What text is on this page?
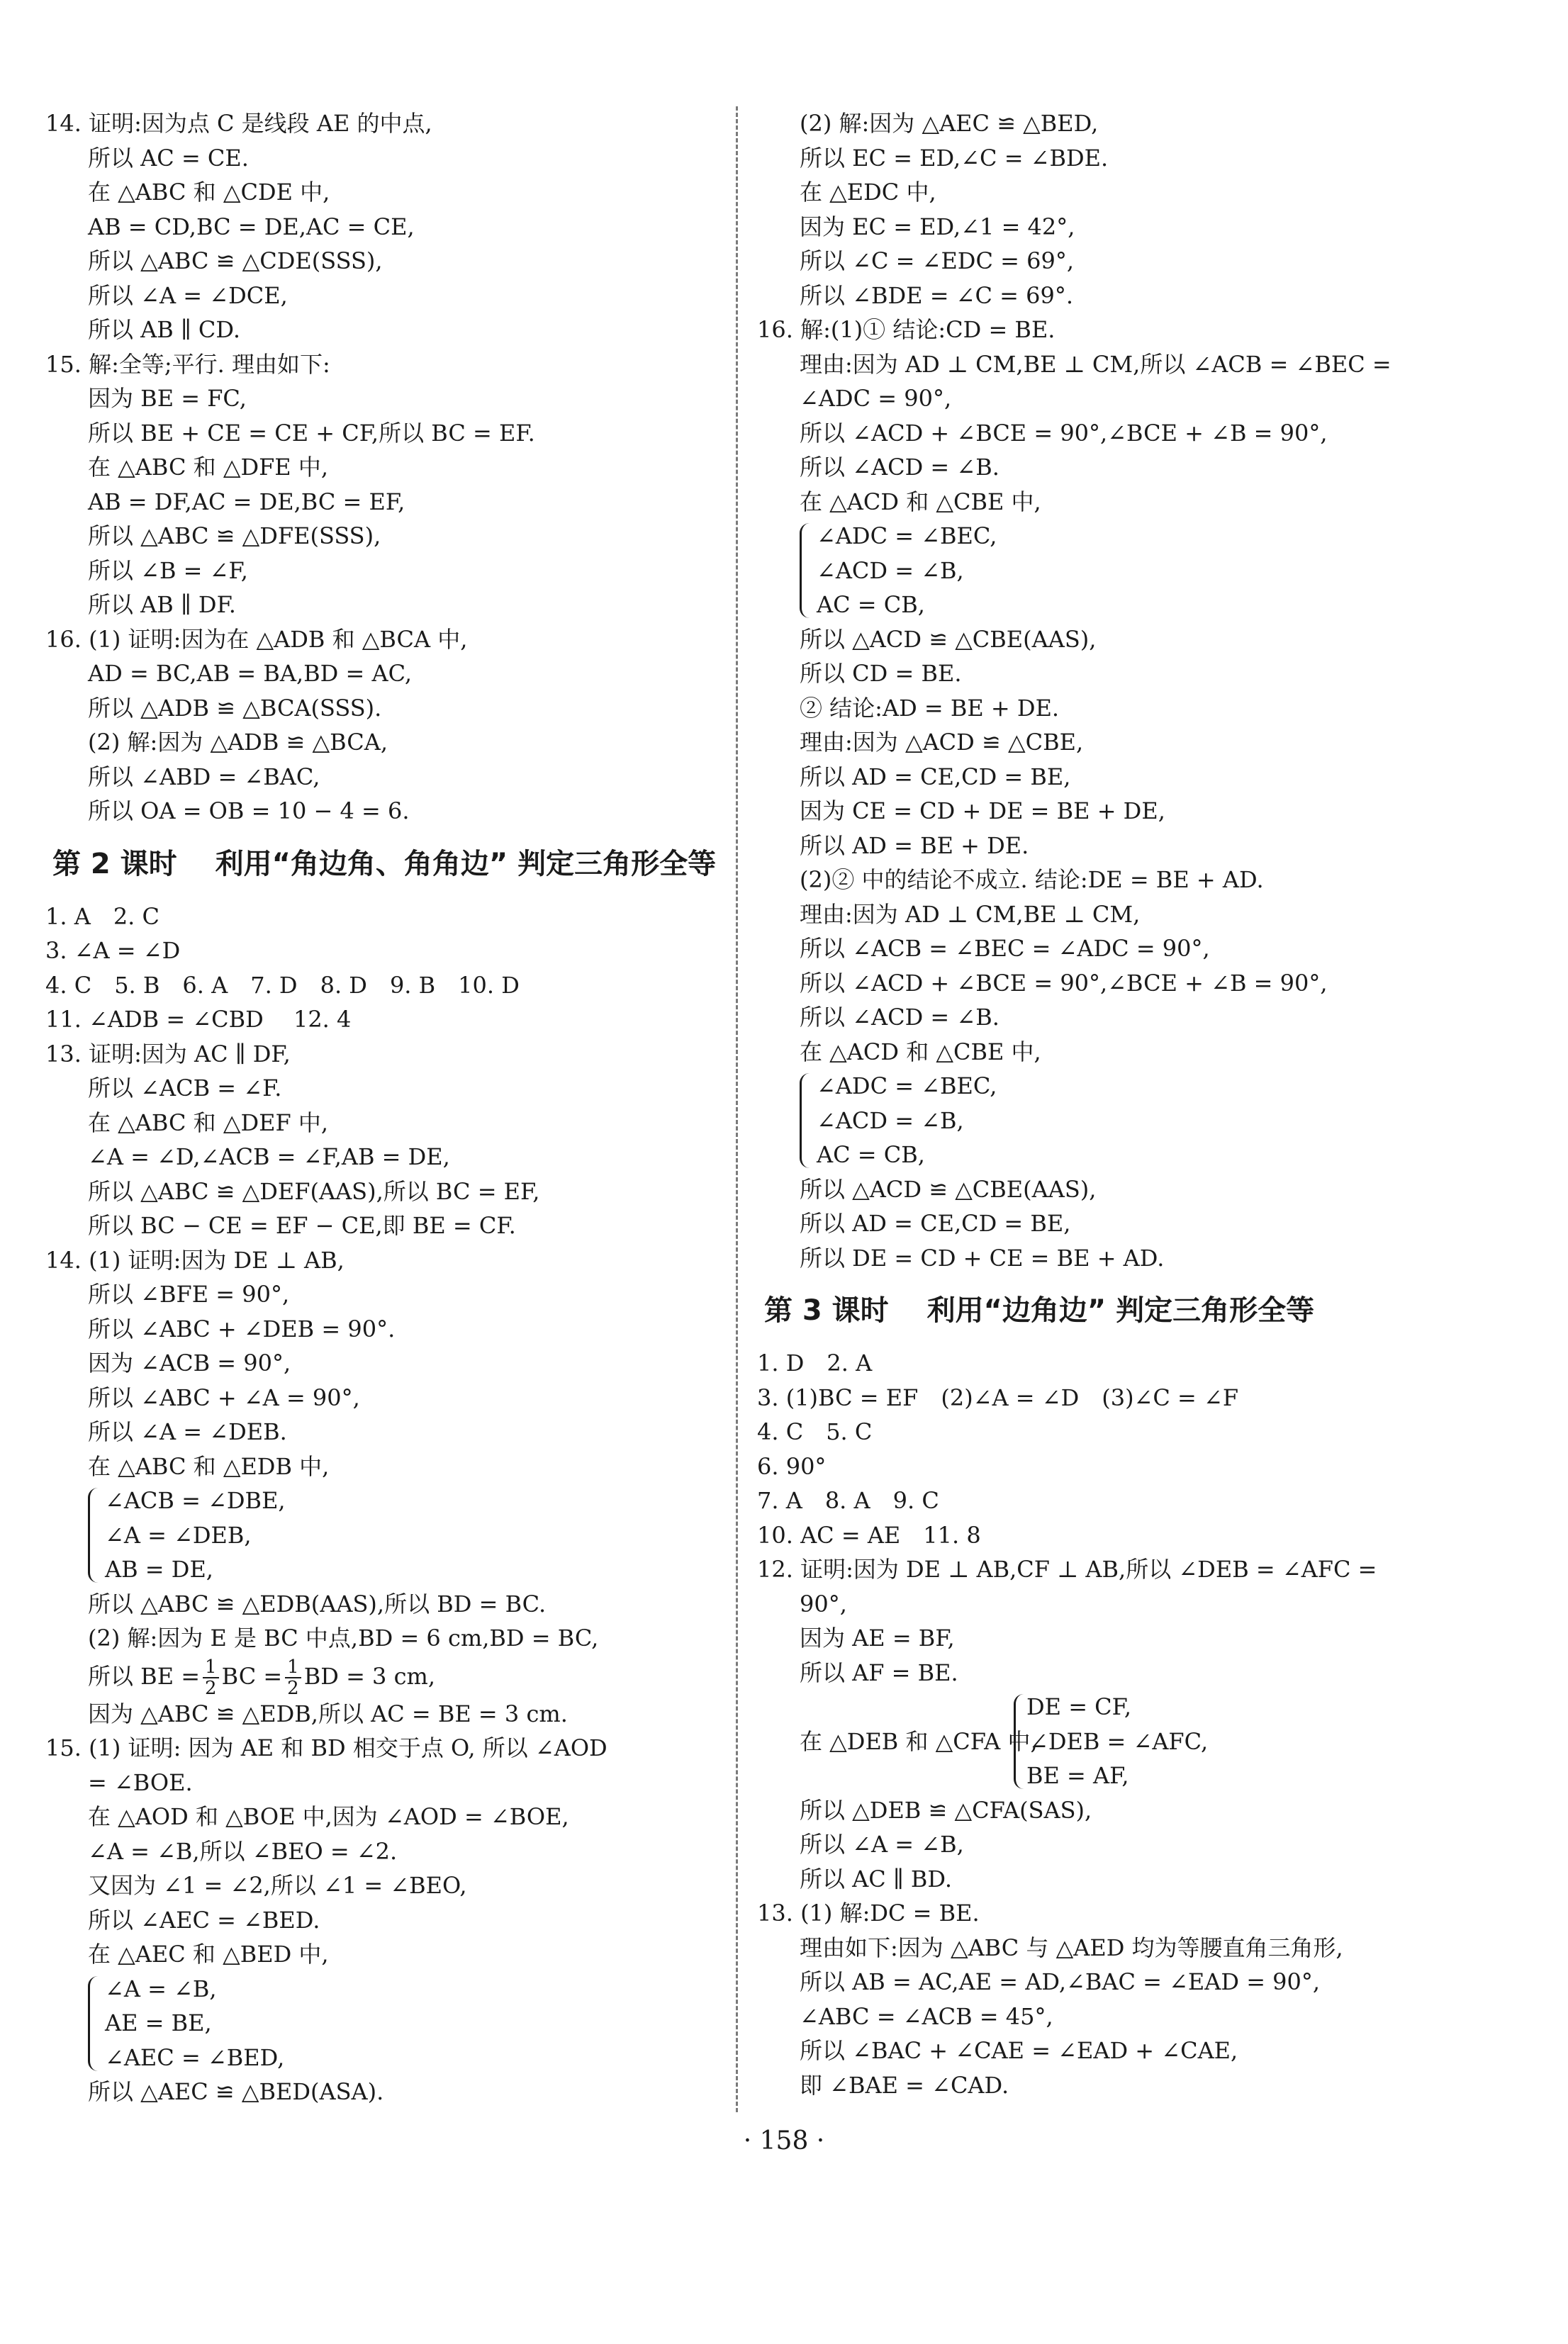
14. 证明:因为点 C 是线段 AE 的中点,
所以 AC = CE.
在 △ABC 和 △CDE 中,
AB = CD,BC = DE,AC = CE,
所以 △ABC ≌ △CDE(SSS),
所以 ∠A = ∠DCE,
所以 AB ∥ CD.
15. 解:全等;平行. 理由如下:
因为 BE = FC,
所以 BE + CE = CE + CF,所以 BC = EF.
在 △ABC 和 △DFE 中,
AB = DF,AC = DE,BC = EF,
所以 △ABC ≌ △DFE(SSS),
所以 ∠B = ∠F,
所以 AB ∥ DF.
16. (1) 证明:因为在 △ADB 和 △BCA 中,
AD = BC,AB = BA,BD = AC,
所以 △ADB ≌ △BCA(SSS).
(2) 解:因为 △ADB ≌ △BCA,
所以 ∠ABD = ∠BAC,
所以 OA = OB = 10 − 4 = 6.
第 2 课时　 利用“角边角、角角边” 判定三角形全等
1. A　2. C
3. ∠A = ∠D
4. C　5. B　6. A　7. D　8. D　9. B　10. D
11. ∠ADB = ∠CBD　 12. 4
13. 证明:因为 AC ∥ DF,
所以 ∠ACB = ∠F.
在 △ABC 和 △DEF 中,
∠A = ∠D,∠ACB = ∠F,AB = DE,
所以 △ABC ≌ △DEF(AAS),所以 BC = EF,
所以 BC − CE = EF − CE,即 BE = CF.
14. (1) 证明:因为 DE ⊥ AB,
所以 ∠BFE = 90°,
所以 ∠ABC + ∠DEB = 90°.
因为 ∠ACB = 90°,
所以 ∠ABC + ∠A = 90°,
所以 ∠A = ∠DEB.
在 △ABC 和 △EDB 中,
∠ACB = ∠DBE,
∠A = ∠DEB,
AB = DE,
所以 △ABC ≌ △EDB(AAS),所以 BD = BC.
(2) 解:因为 E 是 BC 中点,BD = 6 cm,BD = BC,
所以 BE = $\frac{1}{2}$ BC = $\frac{1}{2}$ BD = 3 cm,
因为 △ABC ≌ △EDB,所以 AC = BE = 3 cm.
15. (1) 证明: 因为 AE 和 BD 相交于点 O, 所以 ∠AOD
= ∠BOE.
在 △AOD 和 △BOE 中,因为 ∠AOD = ∠BOE,
∠A = ∠B,所以 ∠BEO = ∠2.
又因为 ∠1 = ∠2,所以 ∠1 = ∠BEO,
所以 ∠AEC = ∠BED.
在 △AEC 和 △BED 中,
∠A = ∠B,
AE = BE,
∠AEC = ∠BED,
所以 △AEC ≌ △BED(ASA).
(2) 解:因为 △AEC ≌ △BED,
所以 EC = ED,∠C = ∠BDE.
在 △EDC 中,
因为 EC = ED,∠1 = 42°,
所以 ∠C = ∠EDC = 69°,
所以 ∠BDE = ∠C = 69°.
16. 解:(1)① 结论:CD = BE.
理由:因为 AD ⊥ CM,BE ⊥ CM,所以 ∠ACB = ∠BEC =
∠ADC = 90°,
所以 ∠ACD + ∠BCE = 90°,∠BCE + ∠B = 90°,
所以 ∠ACD = ∠B.
在 △ACD 和 △CBE 中,
∠ADC = ∠BEC,
∠ACD = ∠B,
AC = CB,
所以 △ACD ≌ △CBE(AAS),
所以 CD = BE.
② 结论:AD = BE + DE.
理由:因为 △ACD ≌ △CBE,
所以 AD = CE,CD = BE,
因为 CE = CD + DE = BE + DE,
所以 AD = BE + DE.
(2)② 中的结论不成立. 结论:DE = BE + AD.
理由:因为 AD ⊥ CM,BE ⊥ CM,
所以 ∠ACB = ∠BEC = ∠ADC = 90°,
所以 ∠ACD + ∠BCE = 90°,∠BCE + ∠B = 90°,
所以 ∠ACD = ∠B.
在 △ACD 和 △CBE 中,
∠ADC = ∠BEC,
∠ACD = ∠B,
AC = CB,
所以 △ACD ≌ △CBE(AAS),
所以 AD = CE,CD = BE,
所以 DE = CD + CE = BE + AD.
第 3 课时　 利用“边角边” 判定三角形全等
1. D　2. A
3. (1)BC = EF　(2)∠A = ∠D　(3)∠C = ∠F
4. C　5. C
6. 90°
7. A　8. A　9. C
10. AC = AE　11. 8
12. 证明:因为 DE ⊥ AB,CF ⊥ AB,所以 ∠DEB = ∠AFC =
90°,
因为 AE = BF,
所以 AF = BE.
DE = CF,
在 △DEB 和 △CFA 中,
∠DEB = ∠AFC,
BE = AF,
所以 △DEB ≌ △CFA(SAS),
所以 ∠A = ∠B,
所以 AC ∥ BD.
13. (1) 解:DC = BE.
理由如下:因为 △ABC 与 △AED 均为等腰直角三角形,
所以 AB = AC,AE = AD,∠BAC = ∠EAD = 90°,
∠ABC = ∠ACB = 45°,
所以 ∠BAC + ∠CAE = ∠EAD + ∠CAE,
即 ∠BAE = ∠CAD.
· 158 ·
